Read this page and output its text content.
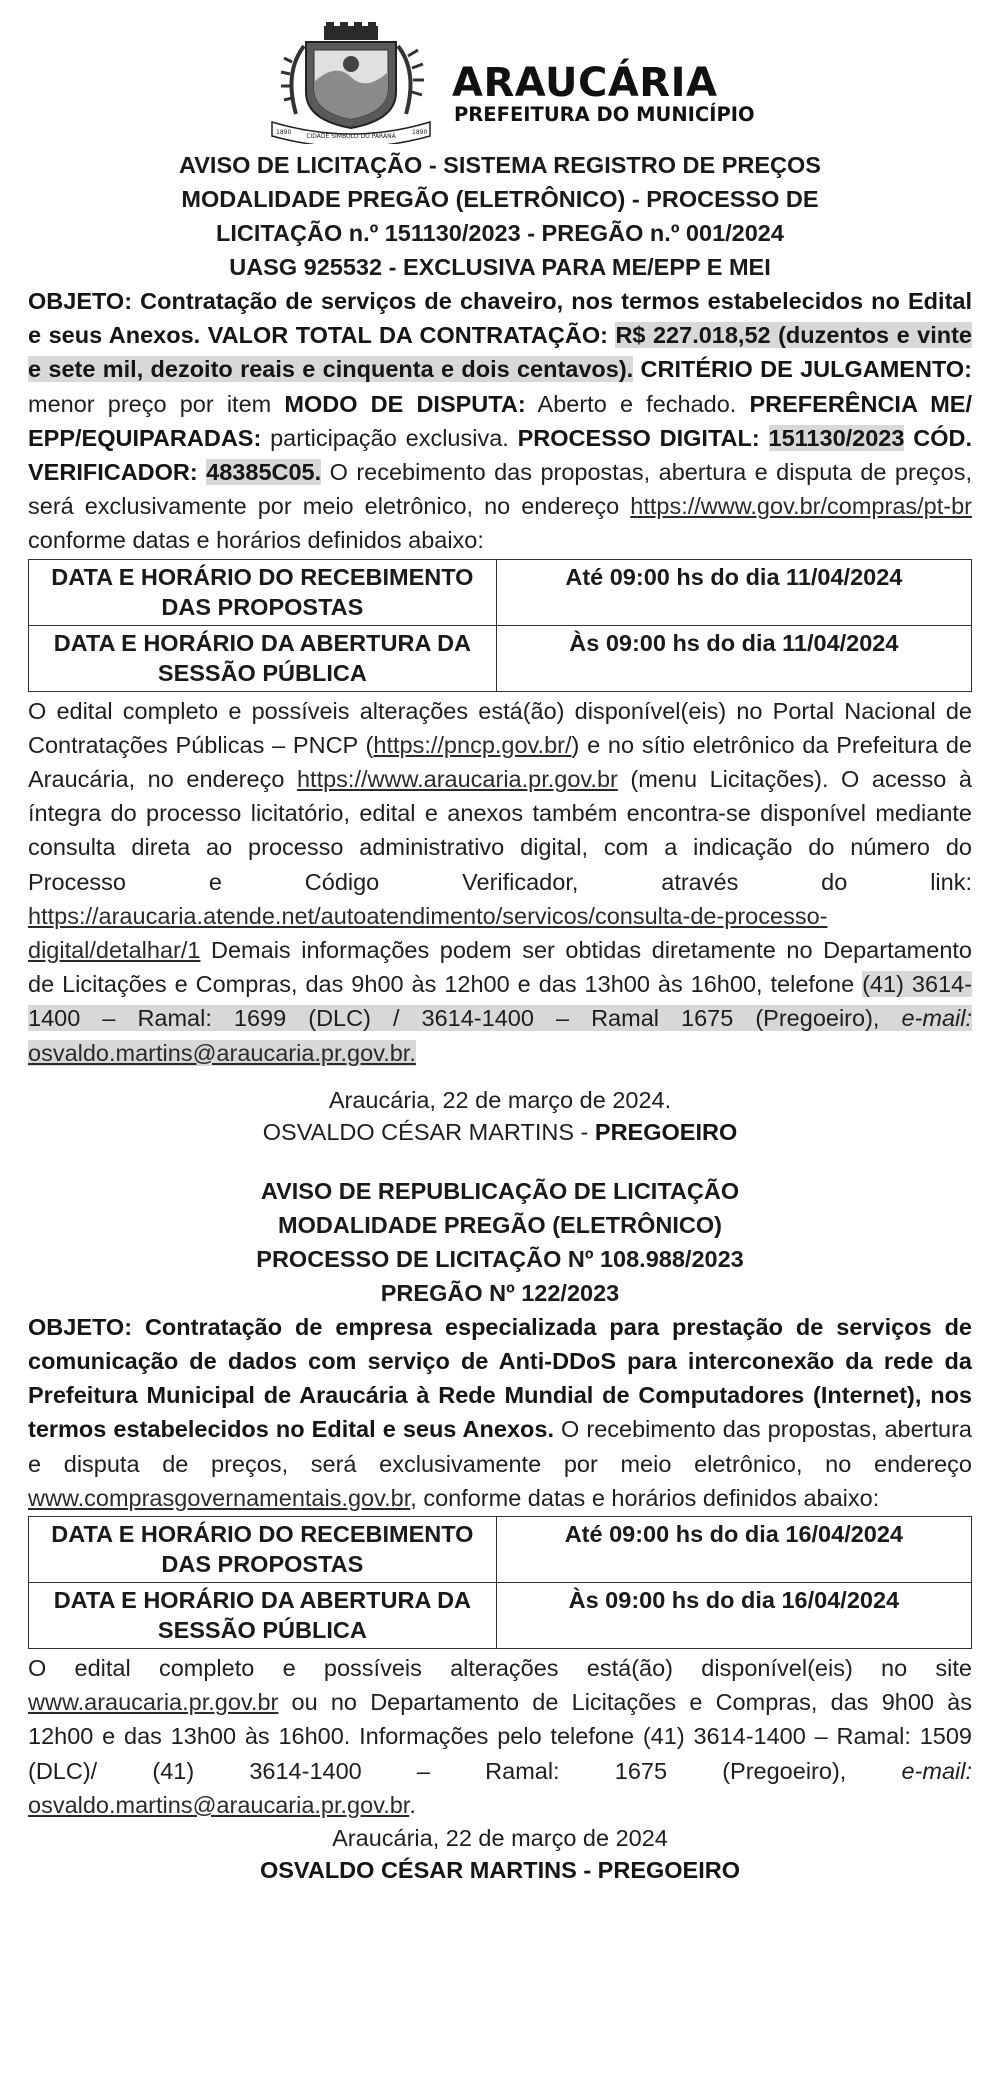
1890
CIDADE SÍMBOLO DO PARANÁ
1890
ARAUCÁRIA
PREFEITURA DO MUNICÍPIO
AVISO DE LICITAÇÃO - SISTEMA REGISTRO DE PREÇOS
MODALIDADE PREGÃO (ELETRÔNICO) - PROCESSO DE
LICITAÇÃO n.º 151130/2023 - PREGÃO n.º 001/2024
UASG 925532 - EXCLUSIVA PARA ME/EPP E MEI
OBJETO: Contratação de serviços de chaveiro, nos termos estabelecidos no Edital e seus Anexos. VALOR TOTAL DA CONTRATAÇÃO: R$ 227.018,52 (duzentos e vinte e sete mil, dezoito reais e cinquenta e dois centavos). CRITÉRIO DE JULGAMENTO: menor preço por item MODO DE DISPUTA: Aberto e fechado. PREFERÊNCIA ME/ EPP/EQUIPARADAS: participação exclusiva. PROCESSO DIGITAL: 151130/2023 CÓD. VERIFICADOR: 48385C05. O recebimento das propostas, abertura e disputa de preços, será exclusivamente por meio eletrônico, no endereço https://www.gov.br/compras/pt-br conforme datas e horários definidos abaixo:
DATA E HORÁRIO DO RECEBIMENTO DAS PROPOSTAS	Até 09:00 hs do dia 11/04/2024
DATA E HORÁRIO DA ABERTURA DA SESSÃO PÚBLICA	Às 09:00 hs do dia 11/04/2024
O edital completo e possíveis alterações está(ão) disponível(eis) no Portal Nacional de Contratações Públicas – PNCP (https://pncp.gov.br/) e no sítio eletrônico da Prefeitura de Araucária, no endereço https://www.araucaria.pr.gov.br (menu Licitações). O acesso à íntegra do processo licitatório, edital e anexos também encontra-se disponível mediante consulta direta ao processo administrativo digital, com a indicação do número do Processo e Código Verificador, através do link: https://araucaria.atende.net/autoatendimento/servicos/consulta-de-processo-digital/detalhar/1 Demais informações podem ser obtidas diretamente no Departamento de Licitações e Compras, das 9h00 às 12h00 e das 13h00 às 16h00, telefone (41) 3614-1400 – Ramal: 1699 (DLC) / 3614-1400 – Ramal 1675 (Pregoeiro), e-mail: osvaldo.martins@araucaria.pr.gov.br.
Araucária, 22 de março de 2024.
OSVALDO CÉSAR MARTINS - PREGOEIRO
AVISO DE REPUBLICAÇÃO DE LICITAÇÃO
MODALIDADE PREGÃO (ELETRÔNICO)
PROCESSO DE LICITAÇÃO Nº 108.988/2023
PREGÃO Nº 122/2023
OBJETO: Contratação de empresa especializada para prestação de serviços de comunicação de dados com serviço de Anti-DDoS para interconexão da rede da Prefeitura Municipal de Araucária à Rede Mundial de Computadores (Internet), nos termos estabelecidos no Edital e seus Anexos. O recebimento das propostas, abertura e disputa de preços, será exclusivamente por meio eletrônico, no endereço www.comprasgovernamentais.gov.br, conforme datas e horários definidos abaixo:
DATA E HORÁRIO DO RECEBIMENTO DAS PROPOSTAS	Até 09:00 hs do dia 16/04/2024
DATA E HORÁRIO DA ABERTURA DA SESSÃO PÚBLICA	Às 09:00 hs do dia 16/04/2024
O edital completo e possíveis alterações está(ão) disponível(eis) no site www.araucaria.pr.gov.br ou no Departamento de Licitações e Compras, das 9h00 às 12h00 e das 13h00 às 16h00. Informações pelo telefone (41) 3614-1400 – Ramal: 1509 (DLC)/ (41) 3614-1400 – Ramal: 1675 (Pregoeiro), e-mail: osvaldo.martins@araucaria.pr.gov.br.
Araucária, 22 de março de 2024
OSVALDO CÉSAR MARTINS - PREGOEIRO
